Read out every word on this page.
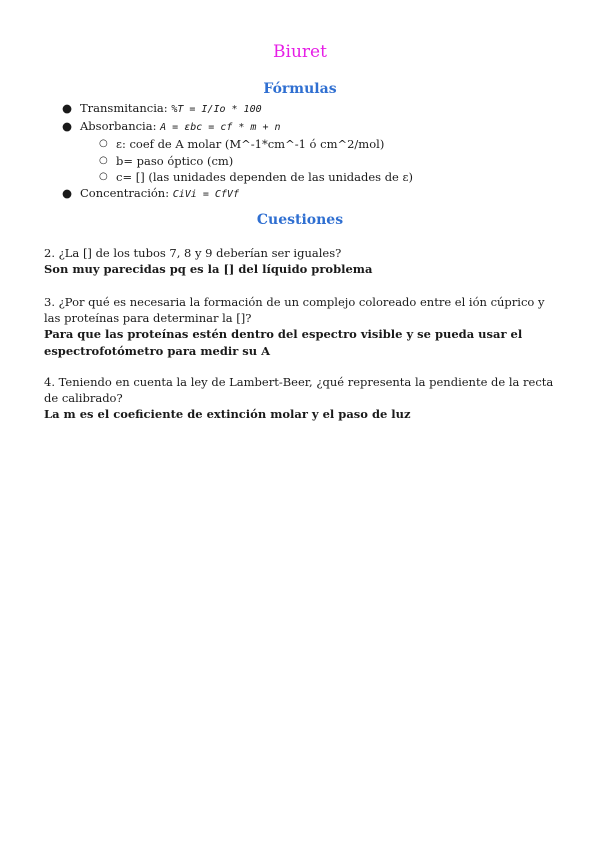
Biuret
Fórmulas
● Transmitancia: %T = I/Io * 100
● Absorbancia: A = εbc = cf * m + n
○ ε: coef de A molar (M^-1*cm^-1 ó cm^2/mol)
○ b= paso óptico (cm)
○ c= [] (las unidades dependen de las unidades de ε)
● Concentración: CiVi = CfVf
Cuestiones
2. ¿La [] de los tubos 7, 8 y 9 deberían ser iguales?
Son muy parecidas pq es la [] del líquido problema
3. ¿Por qué es necesaria la formación de un complejo coloreado entre el ión cúprico y las proteínas para determinar la []?
Para que las proteínas estén dentro del espectro visible y se pueda usar el espectrofotómetro para medir su A
4. Teniendo en cuenta la ley de Lambert-Beer, ¿qué representa la pendiente de la recta de calibrado?
La m es el coeficiente de extinción molar y el paso de luz
